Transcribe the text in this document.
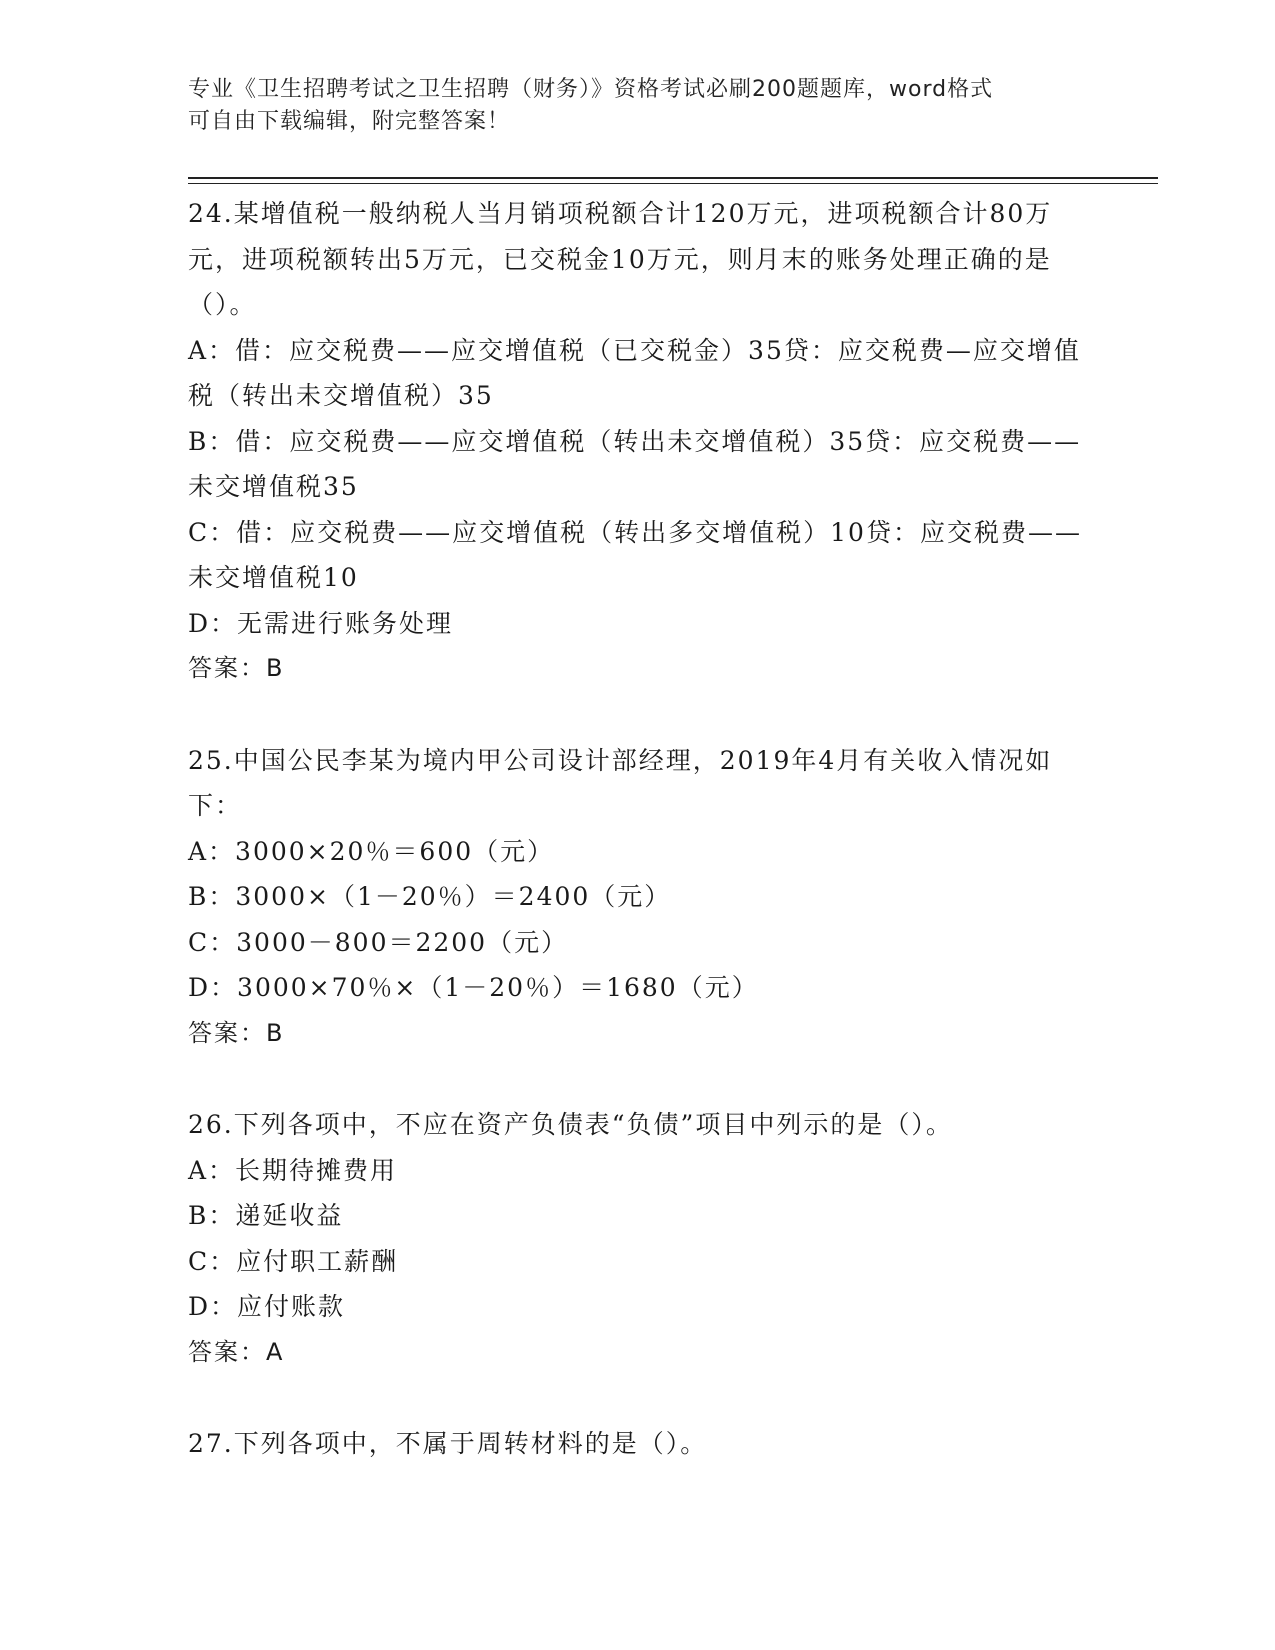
专业《卫生招聘考试之卫生招聘（财务）》资格考试必刷200题题库，word格式
可自由下载编辑，附完整答案！

24.某增值税一般纳税人当月销项税额合计120万元，进项税额合计80万元，进项税额转出5万元，已交税金10万元，则月末的账务处理正确的是（）。

A：借：应交税费——应交增值税（已交税金）35贷：应交税费—应交增值税（转出未交增值税）35

B：借：应交税费——应交增值税（转出未交增值税）35贷：应交税费——未交增值税35

C：借：应交税费——应交增值税（转出多交增值税）10贷：应交税费——未交增值税10

D：无需进行账务处理

答案：B

25.中国公民李某为境内甲公司设计部经理，2019年4月有关收入情况如下：

A：3000×20％＝600（元）

B：3000×（1－20％）＝2400（元）

C：3000－800＝2200（元）

D：3000×70％×（1－20％）＝1680（元）

答案：B

26.下列各项中，不应在资产负债表“负债”项目中列示的是（）。

A：长期待摊费用

B：递延收益

C：应付职工薪酬

D：应付账款

答案：A

27.下列各项中，不属于周转材料的是（）。
